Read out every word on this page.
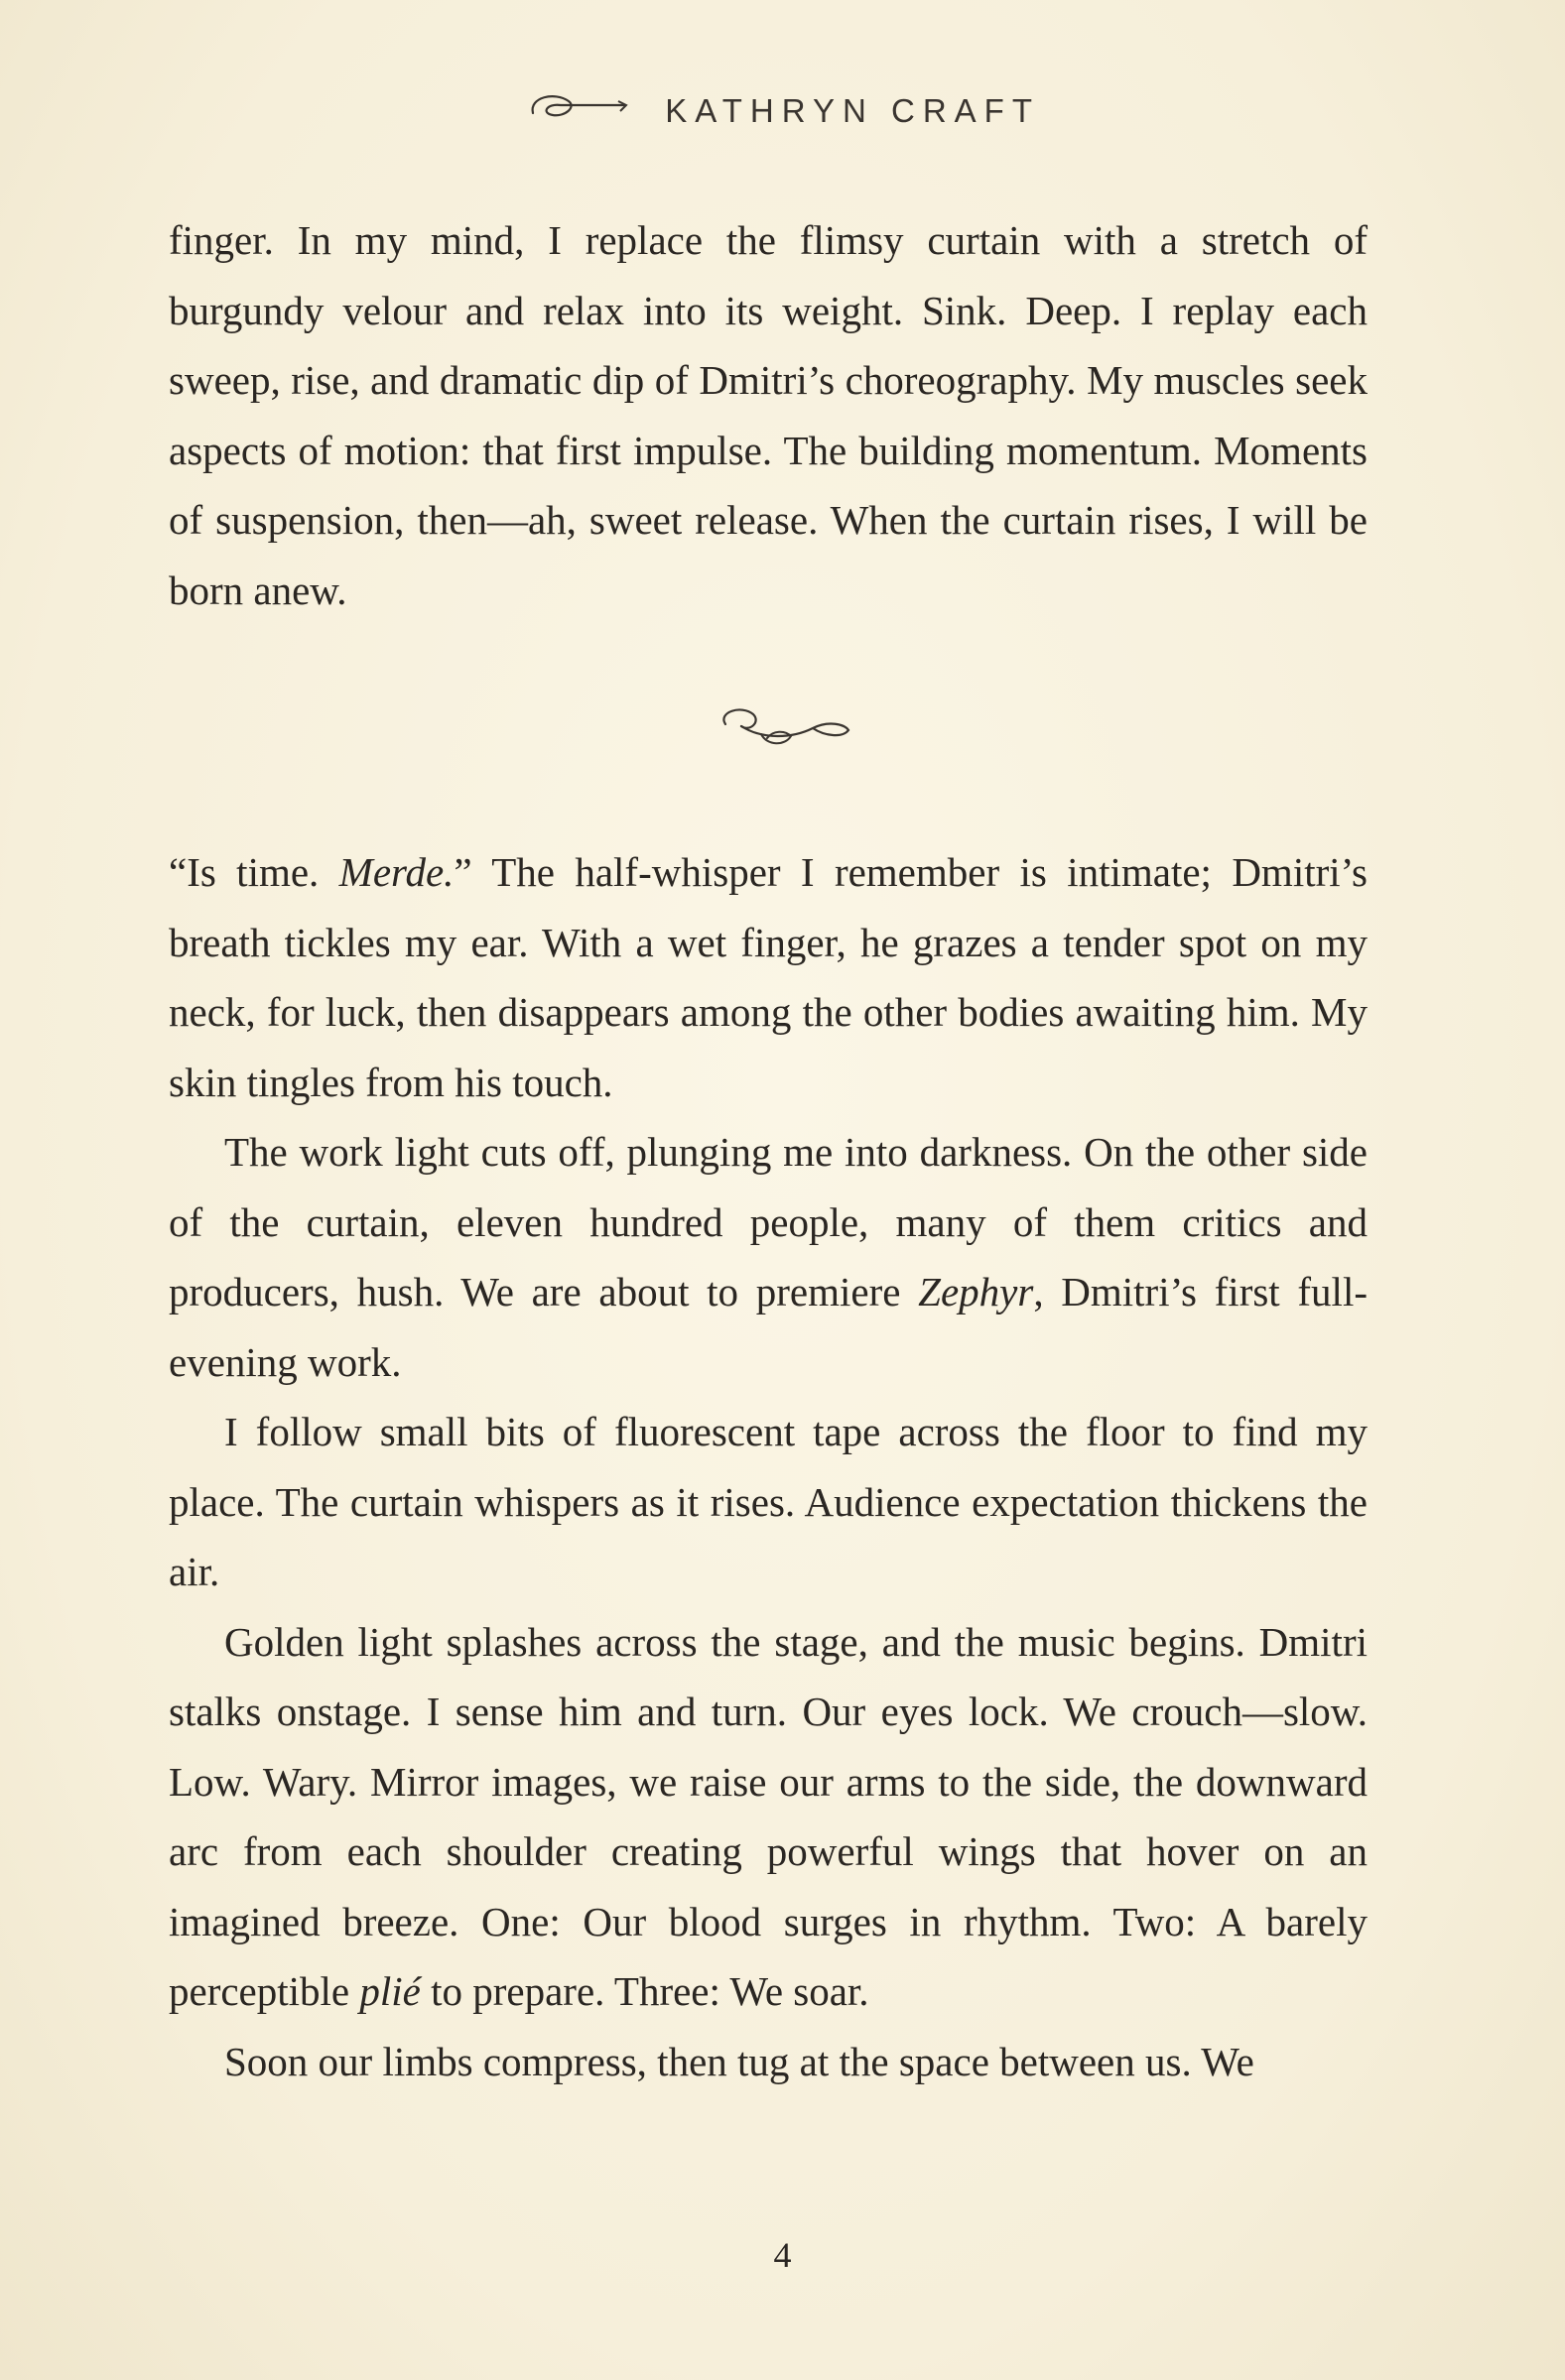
KATHRYN CRAFT

finger. In my mind, I replace the flimsy curtain with a stretch of burgundy velour and relax into its weight. Sink. Deep. I replay each sweep, rise, and dramatic dip of Dmitri’s choreography. My muscles seek aspects of motion: that first impulse. The building momentum. Moments of suspension, then—ah, sweet release. When the curtain rises, I will be born anew.

“Is time. Merde.” The half-whisper I remember is intimate; Dmitri’s breath tickles my ear. With a wet finger, he grazes a tender spot on my neck, for luck, then disappears among the other bodies awaiting him. My skin tingles from his touch.

The work light cuts off, plunging me into darkness. On the other side of the curtain, eleven hundred people, many of them critics and producers, hush. We are about to premiere Zephyr, Dmitri’s first full-evening work.

I follow small bits of fluorescent tape across the floor to find my place. The curtain whispers as it rises. Audience expectation thickens the air.

Golden light splashes across the stage, and the music begins. Dmitri stalks onstage. I sense him and turn. Our eyes lock. We crouch—slow. Low. Wary. Mirror images, we raise our arms to the side, the downward arc from each shoulder creating powerful wings that hover on an imagined breeze. One: Our blood surges in rhythm. Two: A barely perceptible plié to prepare. Three: We soar.

Soon our limbs compress, then tug at the space between us. We

4
